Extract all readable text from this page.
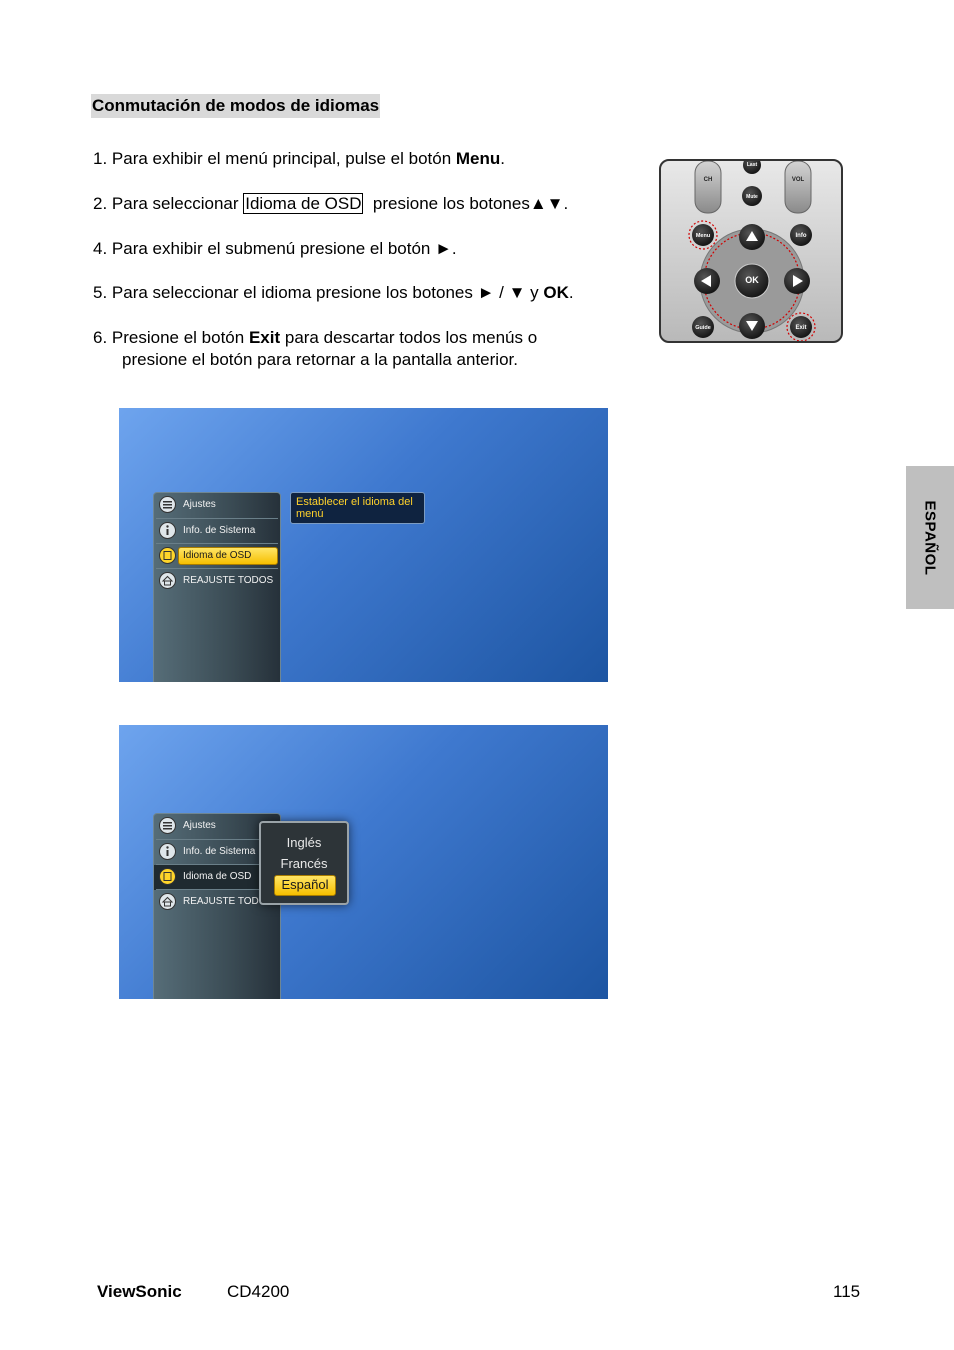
Conmutación de modos de idiomas
1. Para exhibir el menú principal, pulse el botón Menu.
2. Para seleccionar Idioma de OSD  presione los botones▲▼.
4. Para exhibir el submenú presione el botón ►.
5. Para seleccionar el idioma presione los botones ► / ▼ y OK.
6. Presione el botón Exit para descartar todos los menús o
presione el botón para retornar a la pantalla anterior.
Last
CH	VOL
Mute
Menu	Info
OK
Guide	Exit
Ajustes
Info. de Sistema
Idioma de OSD
REAJUSTE TODOS
Establecer el idioma del menú
Ajustes
Info. de Sistema
Idioma de OSD
REAJUSTE TOD
Inglés
Francés
Español
ESPAÑOL
ViewSonic	CD4200	115
